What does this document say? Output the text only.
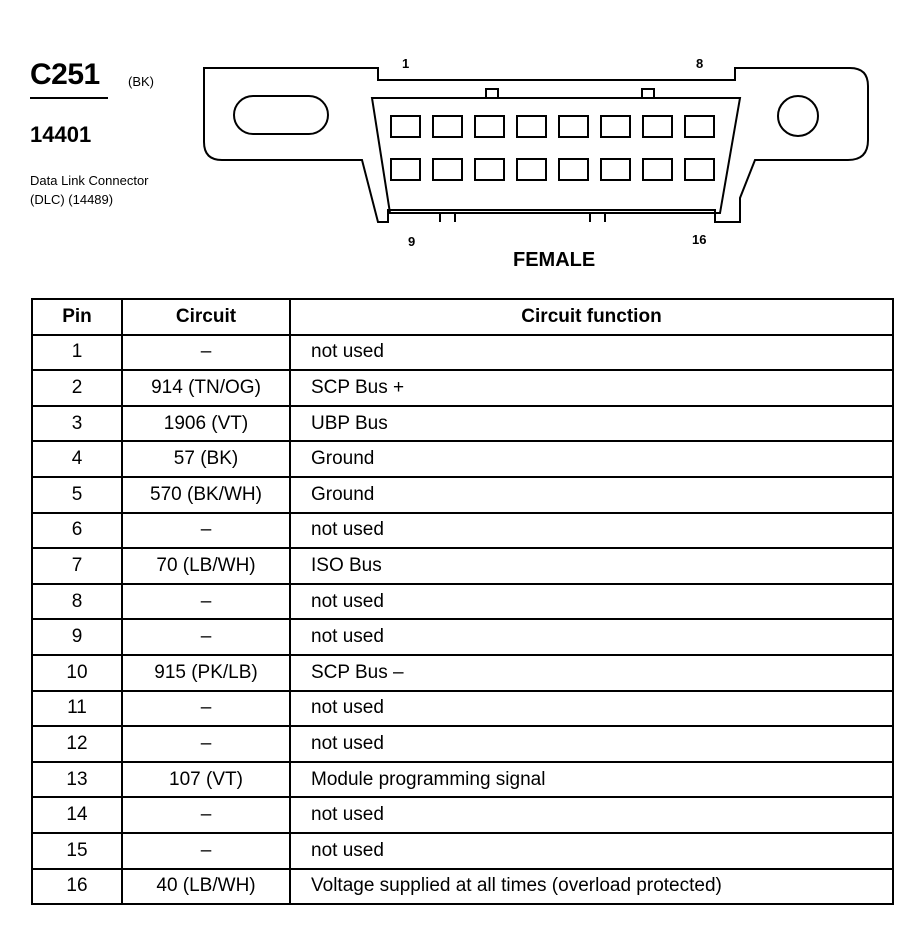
C251 (BK)
14401
Data Link Connector
(DLC) (14489)
1	8
9	16
FEMALE
Pin	Circuit	Circuit function
1	–	not used
2	914 (TN/OG)	SCP Bus +
3	1906 (VT)	UBP Bus
4	57 (BK)	Ground
5	570 (BK/WH)	Ground
6	–	not used
7	70 (LB/WH)	ISO Bus
8	–	not used
9	–	not used
10	915 (PK/LB)	SCP Bus –
11	–	not used
12	–	not used
13	107 (VT)	Module programming signal
14	–	not used
15	–	not used
16	40 (LB/WH)	Voltage supplied at all times (overload protected)
